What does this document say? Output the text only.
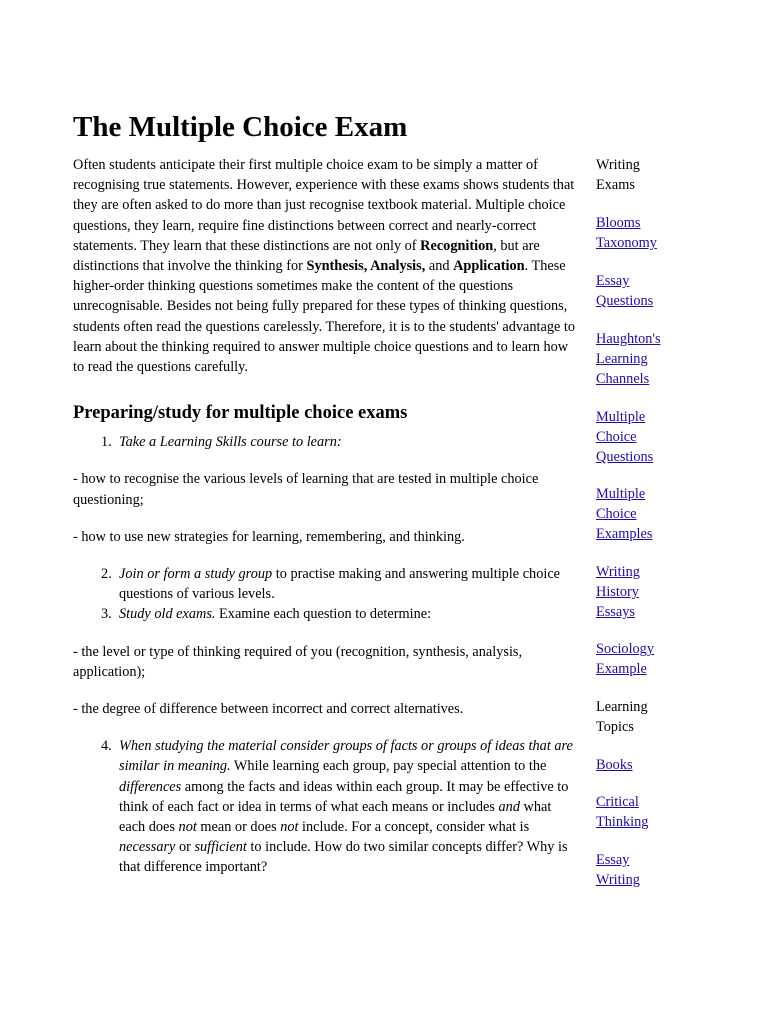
The Multiple Choice Exam

Often students anticipate their first multiple choice exam to be simply a matter of recognising true statements. However, experience with these exams shows students that they are often asked to do more than just recognise textbook material. Multiple choice questions, they learn, require fine distinctions between correct and nearly-correct statements. They learn that these distinctions are not only of Recognition, but are distinctions that involve the thinking for Synthesis, Analysis, and Application. These higher-order thinking questions sometimes make the content of the questions unrecognisable. Besides not being fully prepared for these types of thinking questions, students often read the questions carelessly. Therefore, it is to the students' advantage to learn about the thinking required to answer multiple choice questions and to learn how to read the questions carefully.

Preparing/study for multiple choice exams
1. Take a Learning Skills course to learn:

- how to recognise the various levels of learning that are tested in multiple choice questioning;

- how to use new strategies for learning, remembering, and thinking.

2. Join or form a study group to practise making and answering multiple choice questions of various levels.
3. Study old exams. Examine each question to determine:

- the level or type of thinking required of you (recognition, synthesis, analysis, application);

- the degree of difference between incorrect and correct alternatives.

4. When studying the material consider groups of facts or groups of ideas that are similar in meaning. While learning each group, pay special attention to the differences among the facts and ideas within each group. It may be effective to think of each fact or idea in terms of what each means or includes and what each does not mean or does not include. For a concept, consider what is necessary or sufficient to include. How do two similar concepts differ? Why is that difference important?
Writing
Exams
Blooms
Taxonomy
Essay
Questions
Haughton's
Learning
Channels
Multiple
Choice
Questions
Multiple
Choice
Examples
Writing
History
Essays
Sociology
Example
Learning
Topics
Books
Critical
Thinking
Essay
Writing
